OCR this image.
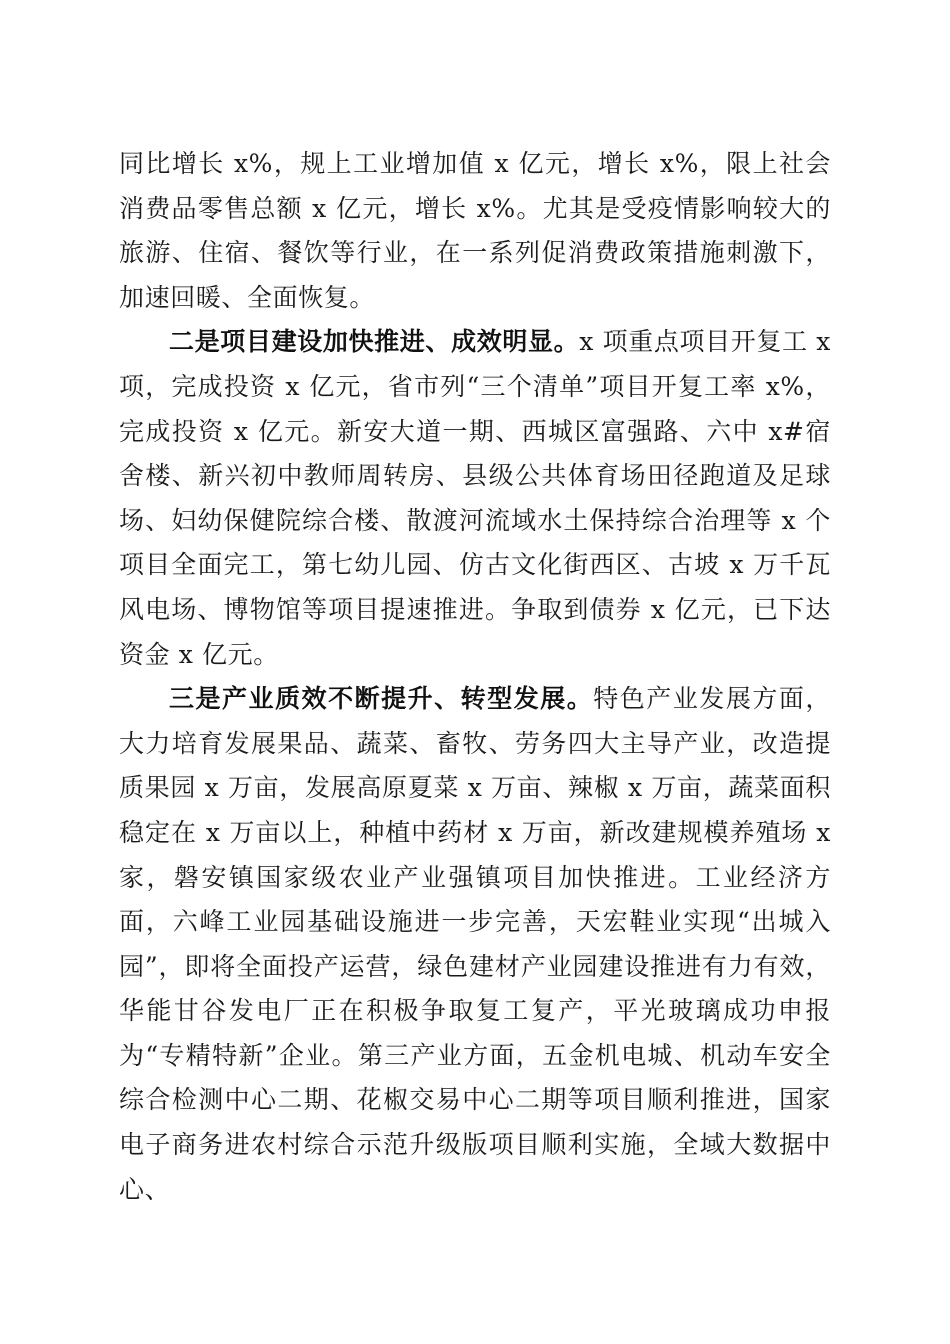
同比增长 x%，规上工业增加值 x 亿元，增长 x%，限上社会消费品零售总额 x 亿元，增长 x%。尤其是受疫情影响较大的旅游、住宿、餐饮等行业，在一系列促消费政策措施刺激下，加速回暖、全面恢复。

二是项目建设加快推进、成效明显。x 项重点项目开复工 x 项，完成投资 x 亿元，省市列“三个清单”项目开复工率 x%，完成投资 x 亿元。新安大道一期、西城区富强路、六中 x#宿舍楼、新兴初中教师周转房、县级公共体育场田径跑道及足球场、妇幼保健院综合楼、散渡河流域水土保持综合治理等 x 个项目全面完工，第七幼儿园、仿古文化街西区、古坡 x 万千瓦风电场、博物馆等项目提速推进。争取到债券 x 亿元，已下达资金 x 亿元。

三是产业质效不断提升、转型发展。特色产业发展方面，大力培育发展果品、蔬菜、畜牧、劳务四大主导产业，改造提质果园 x 万亩，发展高原夏菜 x 万亩、辣椒 x 万亩，蔬菜面积稳定在 x 万亩以上，种植中药材 x 万亩，新改建规模养殖场 x 家，磐安镇国家级农业产业强镇项目加快推进。工业经济方面，六峰工业园基础设施进一步完善，天宏鞋业实现“出城入园”，即将全面投产运营，绿色建材产业园建设推进有力有效，华能甘谷发电厂正在积极争取复工复产，平光玻璃成功申报为“专精特新”企业。第三产业方面，五金机电城、机动车安全综合检测中心二期、花椒交易中心二期等项目顺利推进，国家电子商务进农村综合示范升级版项目顺利实施，全域大数据中心、
